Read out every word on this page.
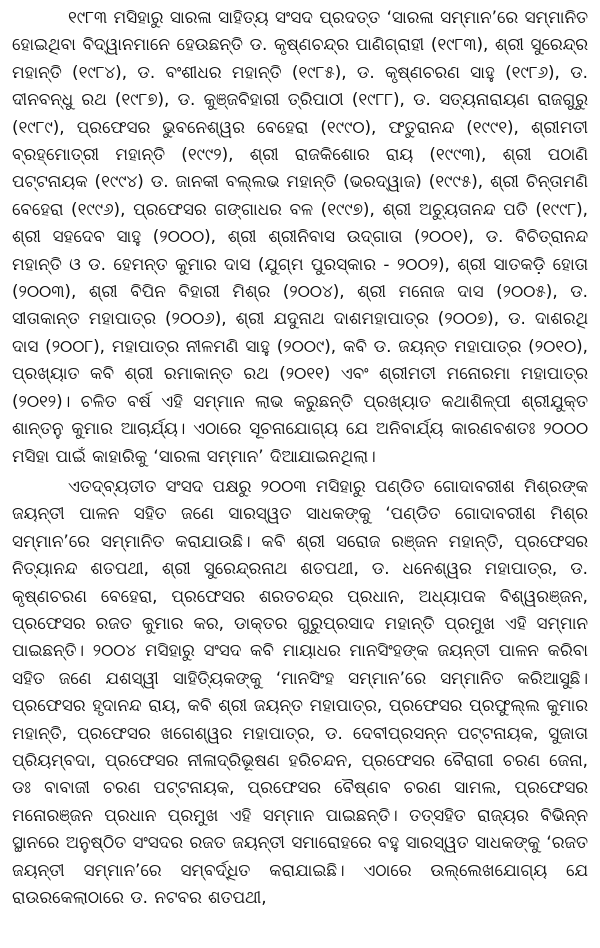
୧୯୮୩ ମସିହାରୁ ସାରଳା ସାହିତ୍ୟ ସଂସଦ ପ୍ରଦତ୍ତ ‘ସାରଳା ସମ୍ମାନ’ରେ ସମ୍ମାନିତ ହୋଇଥିବା ବିଦ୍ୱାନମାନେ ହେଉଛନ୍ତି ଡ. କୃଷ୍ଣଚନ୍ଦ୍ର ପାଣିଗ୍ରାହୀ (୧୯୮୩), ଶ୍ରୀ ସୁରେନ୍ଦ୍ର ମହାନ୍ତି (୧୯୮୪), ଡ. ବଂଶୀଧର ମହାନ୍ତି (୧୯୮୫), ଡ. କୃଷ୍ଣଚରଣ ସାହୁ (୧୯୮୬), ଡ. ଦୀନବନ୍ଧୁ ରଥ (୧୯୮୭), ଡ. କୁଞ୍ଜବିହାରୀ ତ୍ରିପାଠୀ (୧୯୮୮), ଡ. ସତ୍ୟନାରାୟଣ ରାଜଗୁରୁ (୧୯୮୯), ପ୍ରଫେସର ଭୁବନେଶ୍ୱର ବେହେରା (୧୯୯୦), ଫତୁରାନନ୍ଦ (୧୯୯୧), ଶ୍ରୀମତୀ ବ୍ରହ୍ମୋତ୍ରୀ ମହାନ୍ତି (୧୯୯୨), ଶ୍ରୀ ରାଜକିଶୋର ରାୟ (୧୯୯୩), ଶ୍ରୀ ପଠାଣି ପଟ୍ଟନାୟକ (୧୯୯୪) ଡ. ଜାନକୀ ବଲ୍ଲଭ ମହାନ୍ତି (ଭରଦ୍ୱାଜ) (୧୯୯୫), ଶ୍ରୀ ଚିନ୍ତାମଣି ବେହେରା (୧୯୯୬), ପ୍ରଫେସର ଗଙ୍ଗାଧର ବଳ (୧୯୯୭), ଶ୍ରୀ ଅଚ୍ୟୁତାନନ୍ଦ ପତି (୧୯୯୮), ଶ୍ରୀ ସହଦେବ ସାହୁ (୨୦୦୦), ଶ୍ରୀ ଶ୍ରୀନିବାସ ଉଦ୍‌ଗାତା (୨୦୦୧), ଡ. ବିଚିତ୍ରାନନ୍ଦ ମହାନ୍ତି ଓ ଡ. ହେମନ୍ତ କୁମାର ଦାସ (ଯୁଗ୍ମ ପୁରସ୍କାର - ୨୦୦୨), ଶ୍ରୀ ସାତକଡ଼ି ହୋତା (୨୦୦୩), ଶ୍ରୀ ବିପିନ ବିହାରୀ ମିଶ୍ର (୨୦୦୪), ଶ୍ରୀ ମନୋଜ ଦାସ (୨୦୦୫), ଡ. ସୀତାକାନ୍ତ ମହାପାତ୍ର (୨୦୦୬), ଶ୍ରୀ ଯଦୁନାଥ ଦାଶମହାପାତ୍ର (୨୦୦୭), ଡ. ଦାଶରଥି ଦାସ (୨୦୦୮), ମହାପାତ୍ର ନୀଳମଣି ସାହୁ (୨୦୦୯), କବି ଡ. ଜୟନ୍ତ ମହାପାତ୍ର (୨୦୧୦), ପ୍ରଖ୍ୟାତ କବି ଶ୍ରୀ ରମାକାନ୍ତ ରଥ (୨୦୧୧) ଏବଂ ଶ୍ରୀମତୀ ମନୋରମା ମହାପାତ୍ର (୨୦୧୨)। ଚଳିତ ବର୍ଷ ଏହି ସମ୍ମାନ ଲାଭ କରୁଛନ୍ତି ପ୍ରଖ୍ୟାତ କଥାଶିଳ୍ପୀ ଶ୍ରୀଯୁକ୍ତ ଶାନ୍ତନୁ କୁମାର ଆଚାର୍ଯ୍ୟ। ଏଠାରେ ସୂଚନାଯୋଗ୍ୟ ଯେ ଅନିବାର୍ଯ୍ୟ କାରଣବଶତଃ ୨୦୦୦ ମସିହା ପାଇଁ କାହାରିକୁ ‘ସାରଳା ସମ୍ମାନ’ ଦିଆଯାଇନଥିଲା।

ଏତଦ୍‌ବ୍ୟତୀତ ସଂସଦ ପକ୍ଷରୁ ୨୦୦୩ ମସିହାରୁ ପଣ୍ଡିତ ଗୋଦାବରୀଶ ମିଶ୍ରଙ୍କ ଜୟନ୍ତୀ ପାଳନ ସହିତ ଜଣେ ସାରସ୍ୱତ ସାଧକଙ୍କୁ ‘ପଣ୍ଡିତ ଗୋଦାବରୀଶ ମିଶ୍ର ସମ୍ମାନ’ରେ ସମ୍ମାନିତ କରାଯାଉଛି। କବି ଶ୍ରୀ ସରୋଜ ରଞ୍ଜନ ମହାନ୍ତି, ପ୍ରଫେସର ନିତ୍ୟାନନ୍ଦ ଶତପଥୀ, ଶ୍ରୀ ସୁରେନ୍ଦ୍ରନାଥ ଶତପଥୀ, ଡ. ଧନେଶ୍ୱର ମହାପାତ୍ର, ଡ. କୃଷ୍ଣଚରଣ ବେହେରା, ପ୍ରଫେସର ଶରତଚନ୍ଦ୍ର ପ୍ରଧାନ, ଅଧ୍ୟାପକ ବିଶ୍ୱରଞ୍ଜନ, ପ୍ରଫେସର ରଜତ କୁମାର କର, ଡାକ୍ତର ଗୁରୁପ୍ରସାଦ ମହାନ୍ତି ପ୍ରମୁଖ ଏହି ସମ୍ମାନ ପାଇଛନ୍ତି। ୨୦୦୪ ମସିହାରୁ ସଂସଦ କବି ମାୟାଧର ମାନସିଂହଙ୍କ ଜୟନ୍ତୀ ପାଳନ କରିବା ସହିତ ଜଣେ ଯଶସ୍ୱୀ ସାହିତ୍ୟିକଙ୍କୁ ‘ମାନସିଂହ ସମ୍ମାନ’ରେ ସମ୍ମାନିତ କରିଆସୁଛି। ପ୍ରଫେସର ହୃଦାନନ୍ଦ ରାୟ, କବି ଶ୍ରୀ ଜୟନ୍ତ ମହାପାତ୍ର, ପ୍ରଫେସର ପ୍ରଫୁଲ୍ଲ କୁମାର ମହାନ୍ତି, ପ୍ରଫେସର ଖଗେଶ୍ୱର ମହାପାତ୍ର, ଡ. ଦେବୀପ୍ରସନ୍ନ ପଟ୍ଟନାୟକ, ସୁଜାତା ପ୍ରିୟମ୍ବଦା, ପ୍ରଫେସର ନୀଳାଦ୍ରିଭୂଷଣ ହରିଚନ୍ଦନ, ପ୍ରଫେସର ବୈରାଗୀ ଚରଣ ଜେନା, ଡଃ ବାବାଜୀ ଚରଣ ପଟ୍ଟନାୟକ, ପ୍ରଫେସର ବୈଷ୍ଣବ ଚରଣ ସାମଲ, ପ୍ରଫେସର ମନୋରଞ୍ଜନ ପ୍ରଧାନ ପ୍ରମୁଖ ଏହି ସମ୍ମାନ ପାଇଛନ୍ତି। ତତ୍‌ସହିତ ରାଜ୍ୟର ବିଭିନ୍ନ ସ୍ଥାନରେ ଅନୁଷ୍ଠିତ ସଂସଦର ରଜତ ଜୟନ୍ତୀ ସମାରୋହରେ ବହୁ ସାରସ୍ୱତ ସାଧକଙ୍କୁ ‘ରଜତ ଜୟନ୍ତୀ ସମ୍ମାନ’ରେ ସମ୍ବର୍ଦ୍ଧିତ କରାଯାଇଛି। ଏଠାରେ ଉଲ୍ଲେଖଯୋଗ୍ୟ ଯେ ରାଉରକେଲାଠାରେ ଡ. ନଟବର ଶତପଥୀ,
